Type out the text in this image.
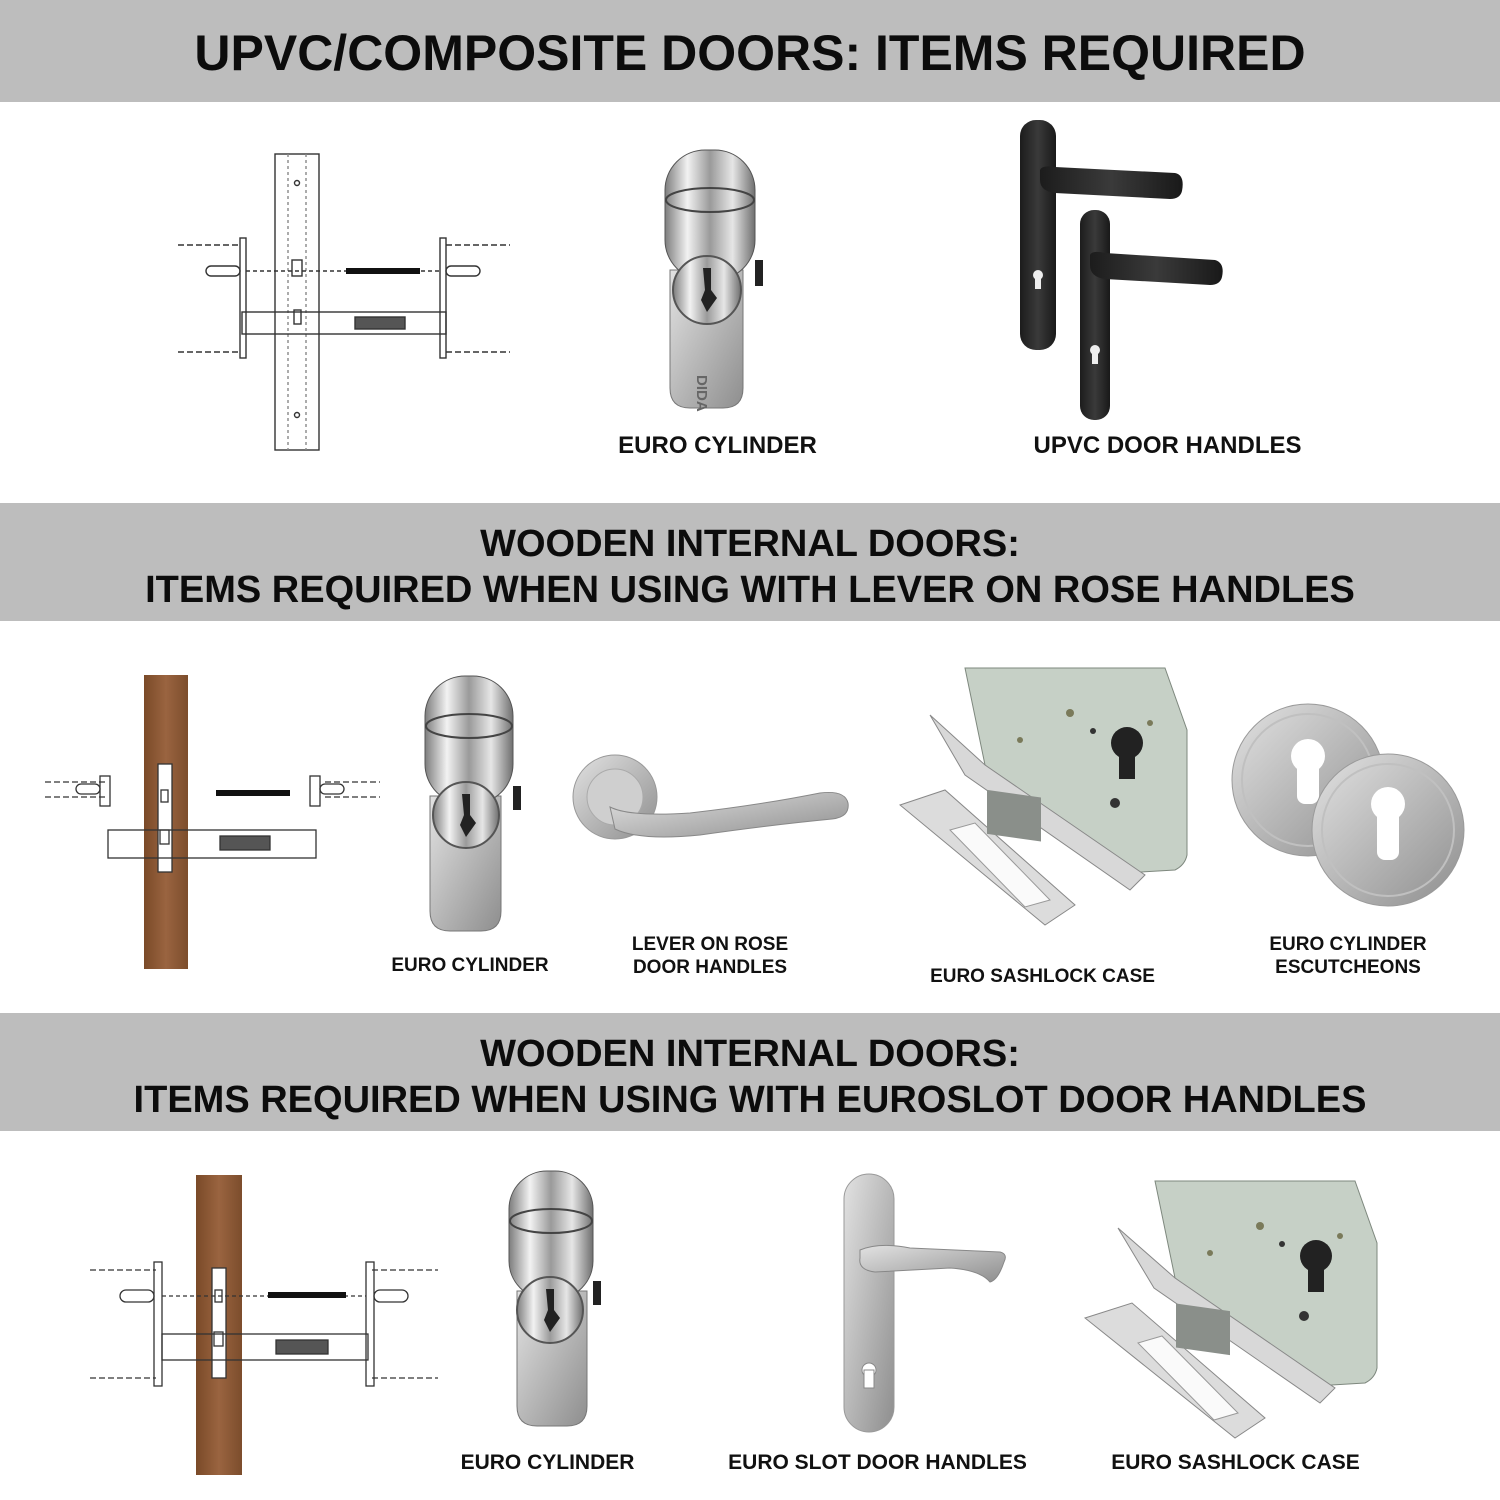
UPVC/COMPOSITE DOORS: ITEMS REQUIRED
DIDA
EURO CYLINDER	UPVC DOOR HANDLES
WOODEN INTERNAL DOORS:
ITEMS REQUIRED WHEN USING WITH LEVER ON ROSE HANDLES
EURO CYLINDER
LEVER ON ROSE
DOOR HANDLES	EURO SASHLOCK CASE
EURO CYLINDER
ESCUTCHEONS
WOODEN INTERNAL DOORS:
ITEMS REQUIRED WHEN USING WITH EUROSLOT DOOR HANDLES
EURO CYLINDER	EURO SLOT DOOR HANDLES	EURO SASHLOCK CASE
